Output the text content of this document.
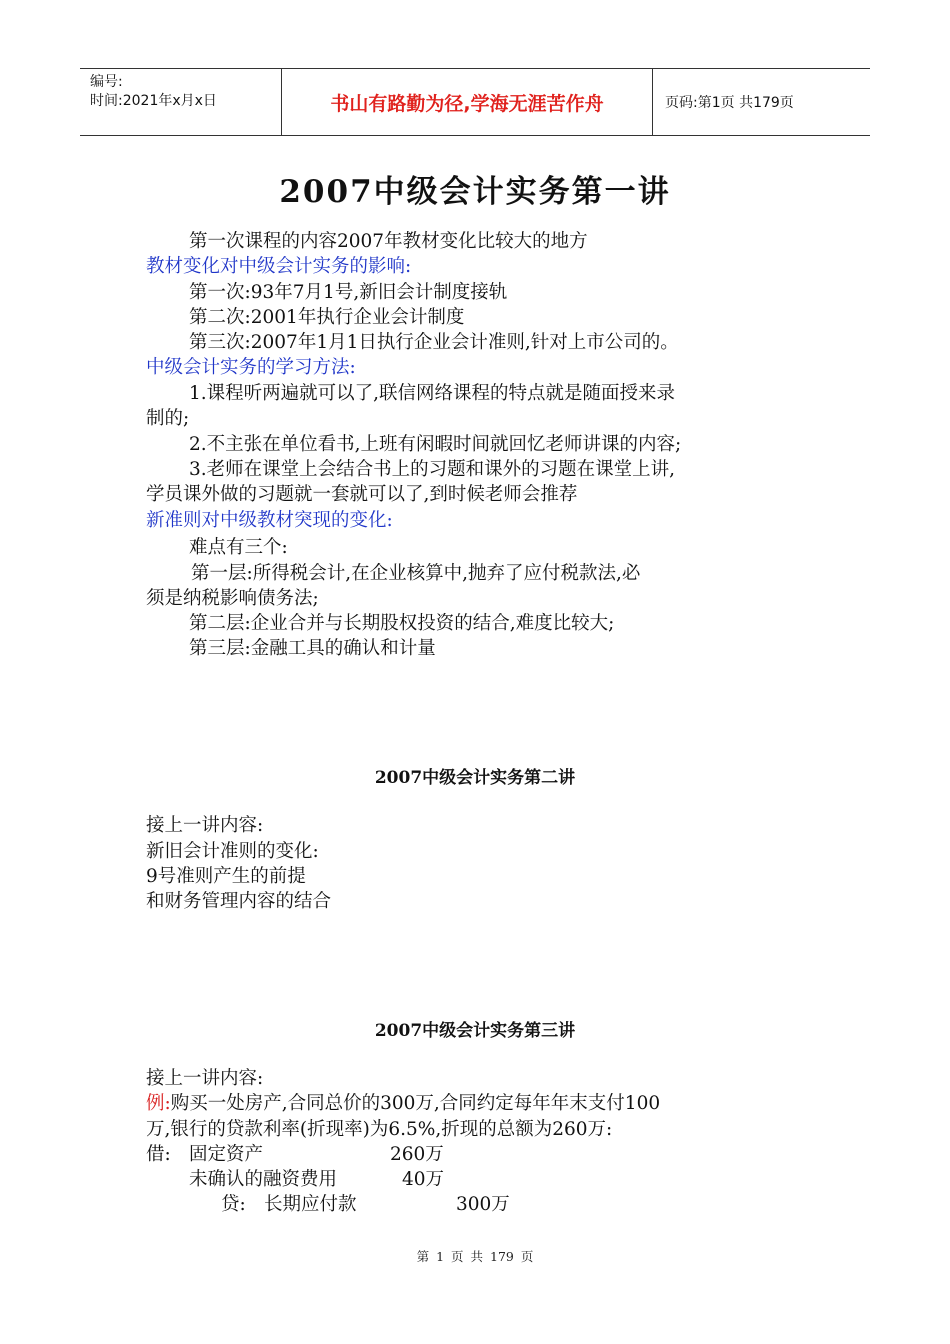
编号:
时间:2021年x月x日	书山有路勤为径,学海无涯苦作舟	页码:第1页 共179页
2007中级会计实务第一讲
第一次课程的内容2007年教材变化比较大的地方
教材变化对中级会计实务的影响:
第一次:93年7月1号,新旧会计制度接轨
第二次:2001年执行企业会计制度
第三次:2007年1月1日执行企业会计准则,针对上市公司的。
中级会计实务的学习方法:
1.课程听两遍就可以了,联信网络课程的特点就是随面授来录
制的;
2.不主张在单位看书,上班有闲暇时间就回忆老师讲课的内容;
3.老师在课堂上会结合书上的习题和课外的习题在课堂上讲,
学员课外做的习题就一套就可以了,到时候老师会推荐
新准则对中级教材突现的变化:
难点有三个:
第一层:所得税会计,在企业核算中,抛弃了应付税款法,必
须是纳税影响债务法;
第二层:企业合并与长期股权投资的结合,难度比较大;
第三层:金融工具的确认和计量
2007中级会计实务第二讲
接上一讲内容:
新旧会计准则的变化:
9号准则产生的前提
和财务管理内容的结合
2007中级会计实务第三讲
接上一讲内容:
例:购买一处房产,合同总价的300万,合同约定每年年末支付100
万,银行的贷款利率(折现率)为6.5%,折现的总额为260万:
借: 固定资产	260万
未确认的融资费用	40万
贷: 长期应付款	300万
第 1 页 共 179 页
